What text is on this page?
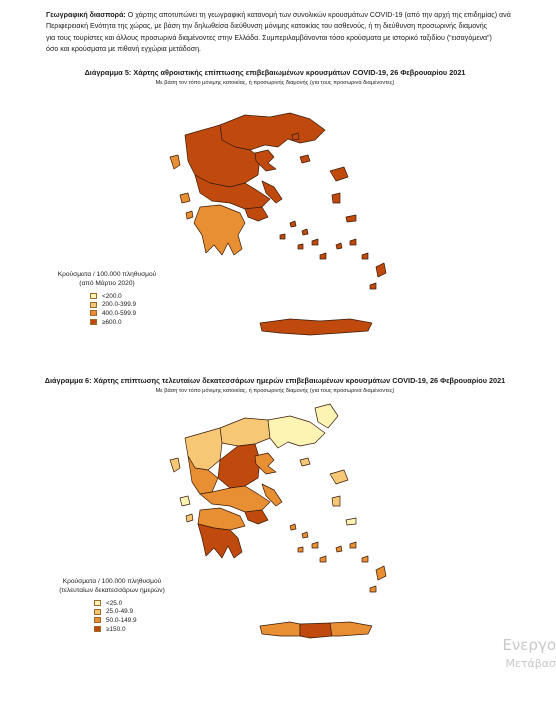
Γεωγραφική διασπορά: Ο χάρτης αποτυπώνει τη γεωγραφική κατανομή των συνολικών κρουσμάτων COVID-19 (από την αρχή της επιδημίας) ανά
Περιφερειακή Ενότητα της χώρας, με βάση την δηλωθείσα διεύθυνση μόνιμης κατοικίας του ασθενούς, ή τη διεύθυνση προσωρινής διαμονής
για τους τουρίστες και άλλους προσωρινά διαμένοντες στην Ελλάδα. Συμπεριλαμβάνονται τόσο κρούσματα με ιστορικό ταξιδίου (“εισαγόμενα”)
όσο και κρούσματα με πιθανή εγχώρια μετάδοση.
Διάγραμμα 5: Χάρτης αθροιστικής επίπτωσης επιβεβαιωμένων κρουσμάτων COVID-19, 26 Φεβρουαρίου 2021
Με βάση τον τόπο μόνιμης κατοικίας, ή προσωρινής διαμονής (για τους προσωρινά διαμένοντες)
Κρούσματα / 100.000 πληθυσμού
(από Μάρτιο 2020)
<200.0
200.0-399.9
400.0-599.9
≥600.0
Διάγραμμα 6: Χάρτης επίπτωσης τελευταίων δεκατεσσάρων ημερών επιβεβαιωμένων κρουσμάτων COVID-19, 26 Φεβρουαρίου 2021
Με βάση τον τόπο μόνιμης κατοικίας, ή προσωρινής διαμονής (για τους προσωρινά διαμένοντες)
Κρούσματα / 100.000 πληθυσμού
(τελευταίων δεκατεσσάρων ημερών)
<25.0
25.0-49.9
50.0-149.9
≥150.0
Ενεργο
Μετάβασ
